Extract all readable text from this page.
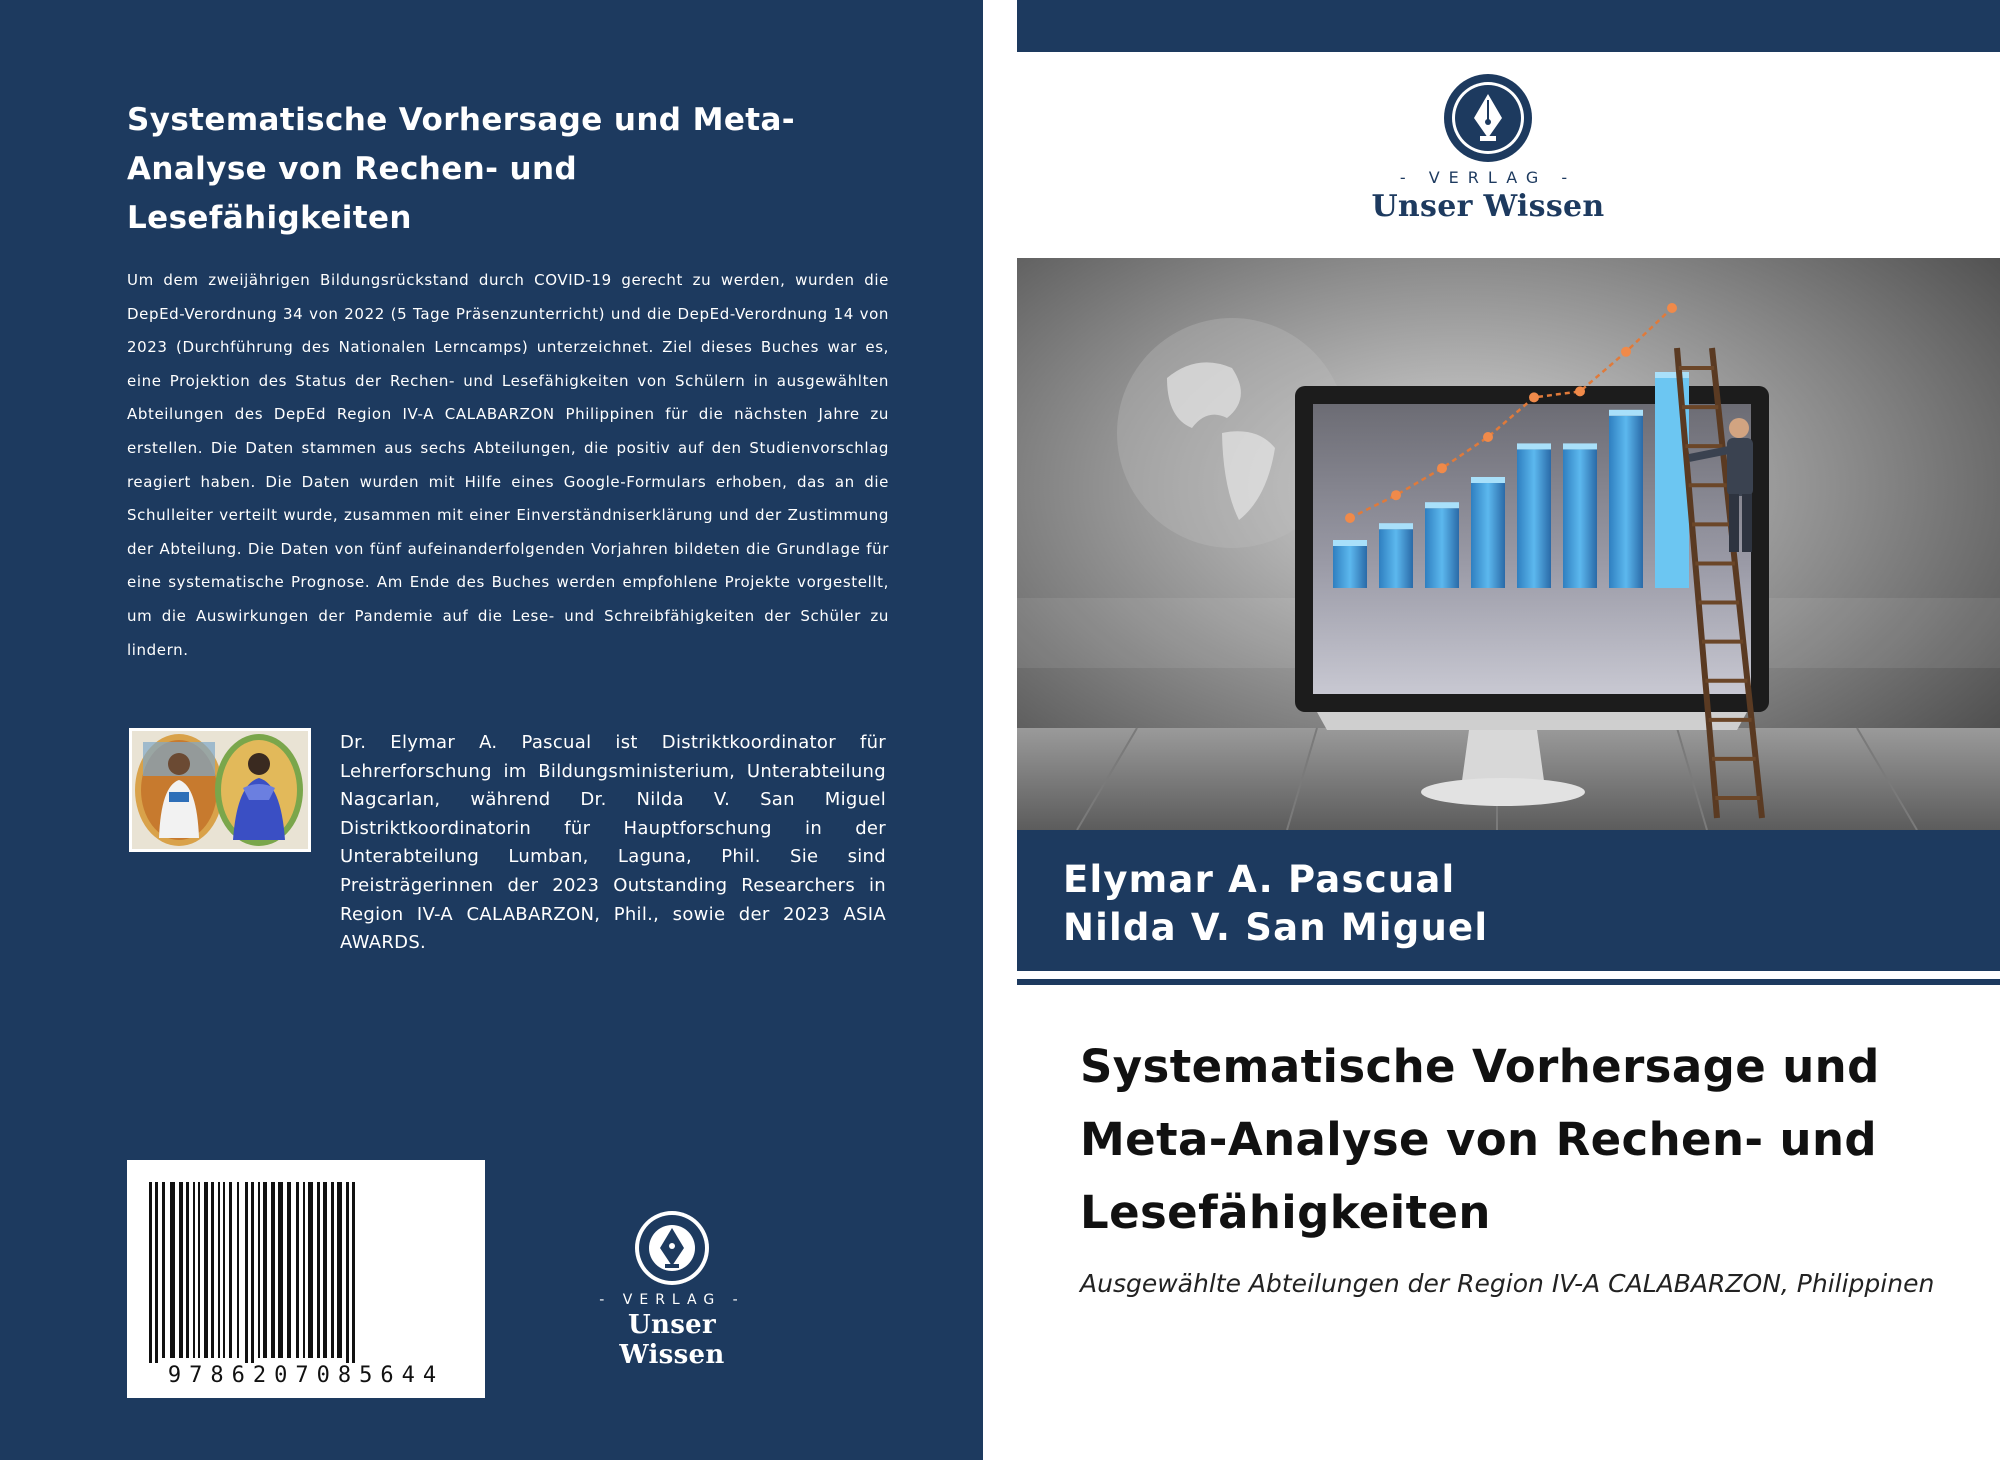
Systematische Vorhersage und Meta-Analyse von Rechen- und Lesefähigkeiten

Um dem zweijährigen Bildungsrückstand durch COVID-19 gerecht zu werden, wurden die DepEd-Verordnung 34 von 2022 (5 Tage Präsenzunterricht) und die DepEd-Verordnung 14 von 2023 (Durchführung des Nationalen Lerncamps) unterzeichnet. Ziel dieses Buches war es, eine Projektion des Status der Rechen- und Lesefähigkeiten von Schülern in ausgewählten Abteilungen des DepEd Region IV-A CALABARZON Philippinen für die nächsten Jahre zu erstellen. Die Daten stammen aus sechs Abteilungen, die positiv auf den Studienvorschlag reagiert haben. Die Daten wurden mit Hilfe eines Google-Formulars erhoben, das an die Schulleiter verteilt wurde, zusammen mit einer Einverständniserklärung und der Zustimmung der Abteilung. Die Daten von fünf aufeinanderfolgenden Vorjahren bildeten die Grundlage für eine systematische Prognose. Am Ende des Buches werden empfohlene Projekte vorgestellt, um die Auswirkungen der Pandemie auf die Lese- und Schreibfähigkeiten der Schüler zu lindern.

Dr. Elymar A. Pascual ist Distriktkoordinator für Lehrerforschung im Bildungsministerium, Unterabteilung Nagcarlan, während Dr. Nilda V. San Miguel Distriktkoordinatorin für Hauptforschung in der Unterabteilung Lumban, Laguna, Phil. Sie sind Preisträgerinnen der 2023 Outstanding Researchers in Region IV-A CALABARZON, Phil., sowie der 2023 ASIA AWARDS.

9786207085644
- VERLAG -
Unser Wissen
- VERLAG -
Unser Wissen
Elymar A. Pascual
Nilda V. San Miguel
Systematische Vorhersage und Meta-Analyse von Rechen- und Lesefähigkeiten

Ausgewählte Abteilungen der Region IV-A CALABARZON, Philippinen
